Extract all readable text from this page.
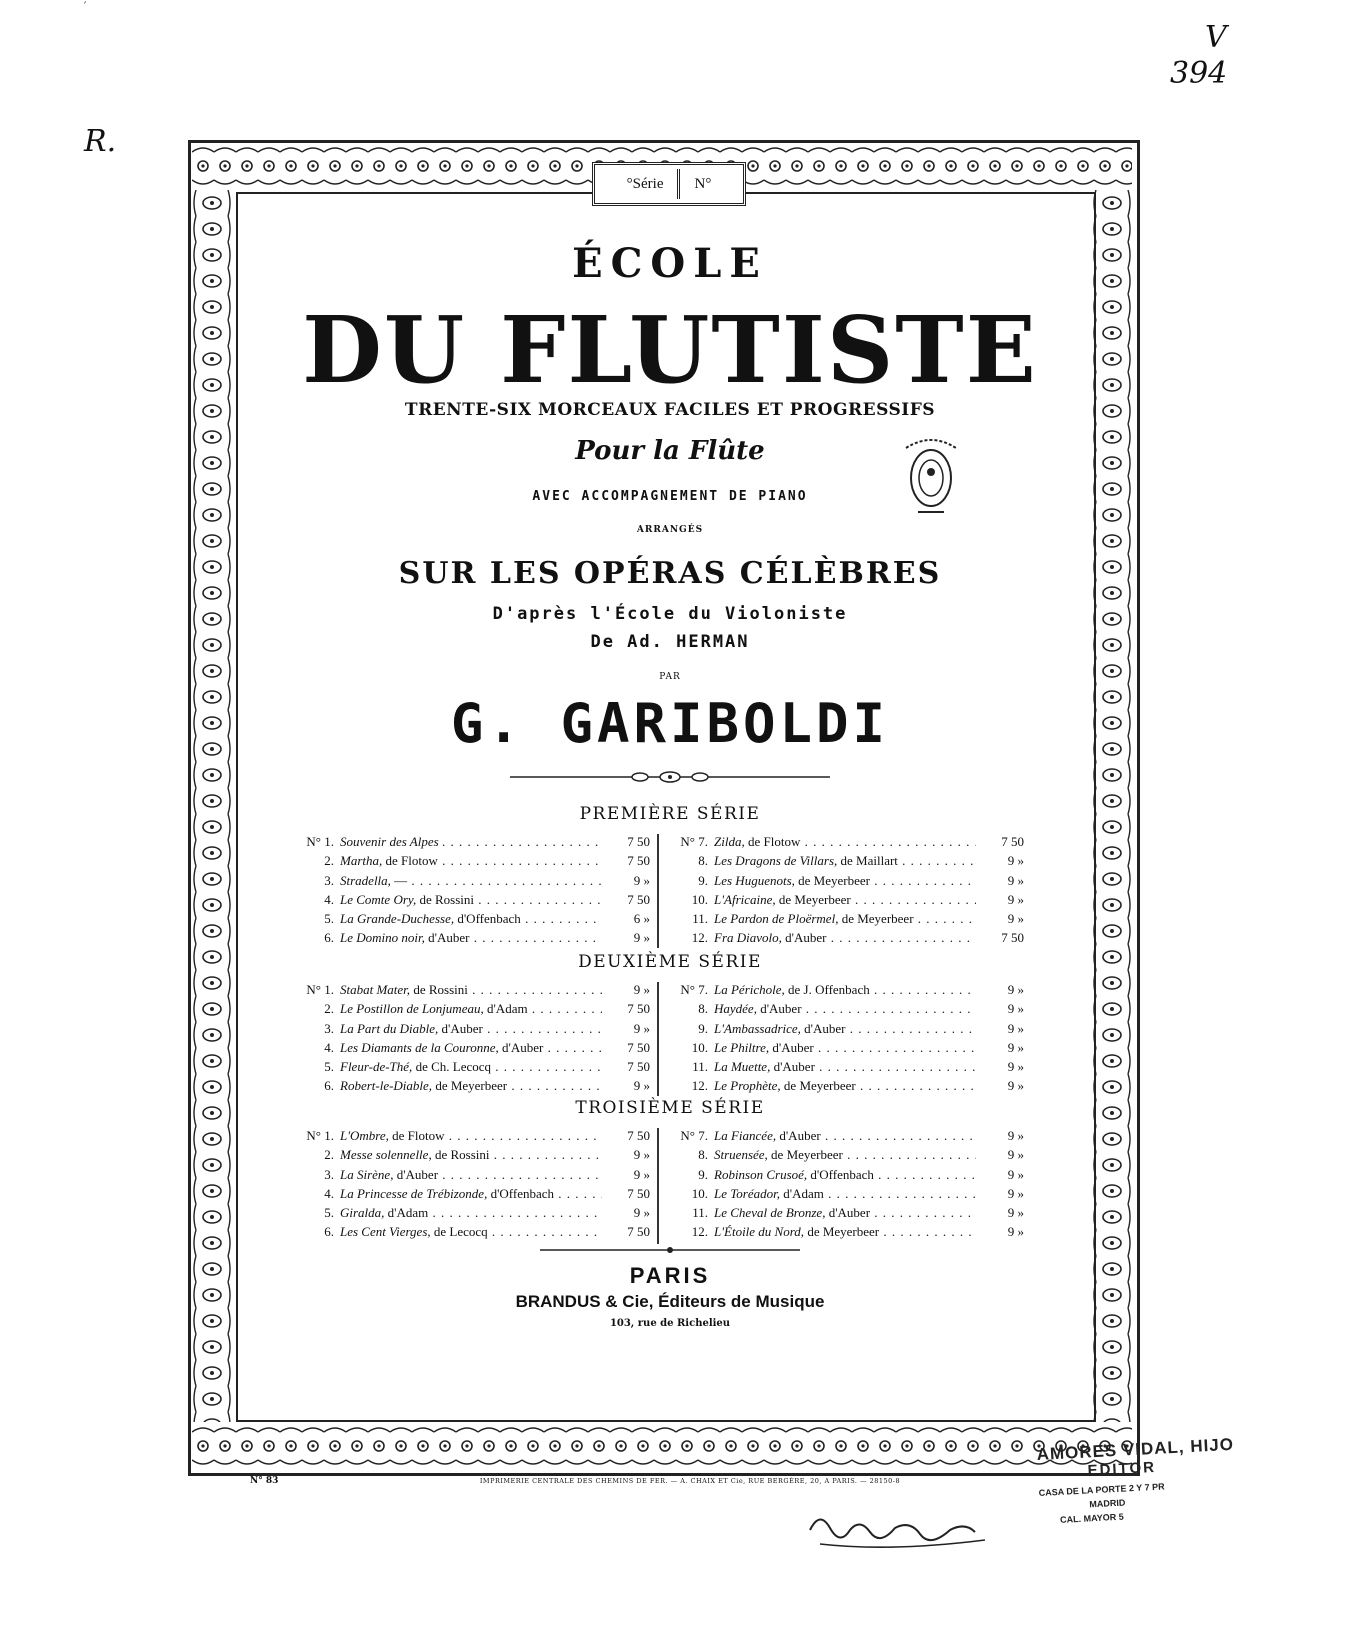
´
V
394
R.
°Série N°
ÉCOLE
DU FLUTISTE
TRENTE-SIX MORCEAUX FACILES ET PROGRESSIFS
Pour la Flûte
AVEC ACCOMPAGNEMENT DE PIANO
ARRANGÉS
SUR LES OPÉRAS CÉLÈBRES
D'après l'École du Violoniste
De Ad. HERMAN
PAR
G. GARIBOLDI
PREMIÈRE SÉRIE
N° 1. Souvenir des Alpes . . .	7 50
2. Martha, de Flotow . . .	7 50
3. Stradella, — . . .	9 »
4. Le Comte Ory, de Rossini . . .	7 50
5. La Grande-Duchesse, d'Offenbach . . .	6 »
6. Le Domino noir, d'Auber . . .	9 »
N° 7. Zilda, de Flotow . . .	7 50
8. Les Dragons de Villars, de Maillart . . .	9 »
9. Les Huguenots, de Meyerbeer . . .	9 »
10. L'Africaine, de Meyerbeer . . .	9 »
11. Le Pardon de Ploërmel, de Meyerbeer . . .	9 »
12. Fra Diavolo, d'Auber . . .	7 50
DEUXIÈME SÉRIE
N° 1. Stabat Mater, de Rossini . . .	9 »
2. Le Postillon de Lonjumeau, d'Adam . . .	7 50
3. La Part du Diable, d'Auber . . .	9 »
4. Les Diamants de la Couronne, d'Auber . . .	7 50
5. Fleur-de-Thé, de Ch. Lecocq . . .	7 50
6. Robert-le-Diable, de Meyerbeer . . .	9 »
N° 7. La Périchole, de J. Offenbach . . .	9 »
8. Haydée, d'Auber . . .	9 »
9. L'Ambassadrice, d'Auber . . .	9 »
10. Le Philtre, d'Auber . . .	9 »
11. La Muette, d'Auber . . .	9 »
12. Le Prophète, de Meyerbeer . . .	9 »
TROISIÈME SÉRIE
N° 1. L'Ombre, de Flotow . . .	7 50
2. Messe solennelle, de Rossini . . .	9 »
3. La Sirène, d'Auber . . .	9 »
4. La Princesse de Trébizonde, d'Offenbach . . .	7 50
5. Giralda, d'Adam . . .	9 »
6. Les Cent Vierges, de Lecocq . . .	7 50
N° 7. La Fiancée, d'Auber . . .	9 »
8. Struensée, de Meyerbeer . . .	9 »
9. Robinson Crusoé, d'Offenbach . . .	9 »
10. Le Toréador, d'Adam . . .	9 »
11. Le Cheval de Bronze, d'Auber . . .	9 »
12. L'Étoile du Nord, de Meyerbeer . . .	9 »
PARIS
BRANDUS & Cie, Éditeurs de Musique
103, rue de Richelieu
N° 83	IMPRIMERIE CENTRALE DES CHEMINS DE FER. — A. CHAIX ET Cie, RUE BERGÈRE, 20, A PARIS. — 28150-8
AMORES VIDAL, HIJO
EDITOR
CASA DE LA PORTE 2 Y 7 PR
MADRID
CAL. MAYOR 5
